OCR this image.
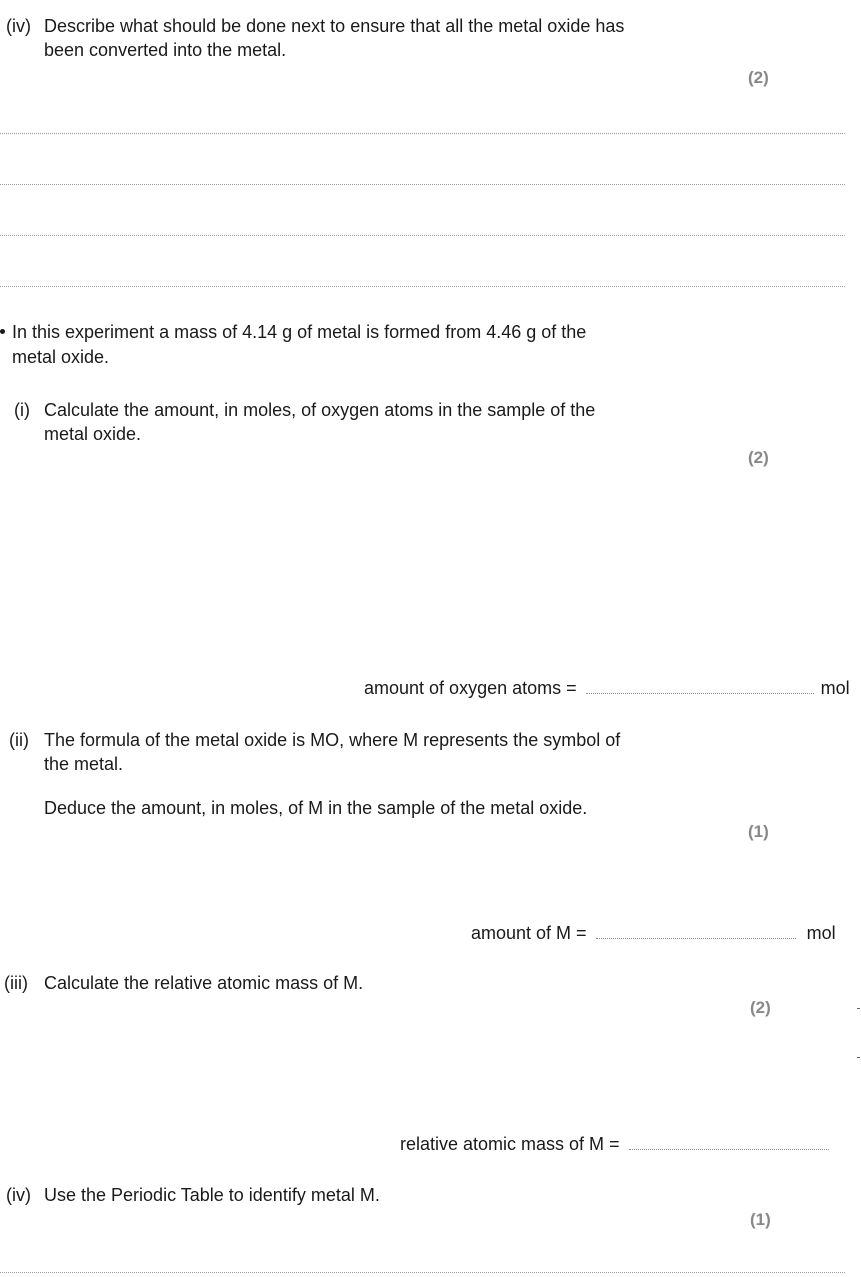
(iv) Describe what should be done next to ensure that all the metal oxide has
been converted into the metal.
(2)
In this experiment a mass of 4.14 g of metal is formed from 4.46 g of the
metal oxide.
(i) Calculate the amount, in moles, of oxygen atoms in the sample of the
metal oxide.
(2)
amount of oxygen atoms =	mol
(ii) The formula of the metal oxide is MO, where M represents the symbol of
the metal.
Deduce the amount, in moles, of M in the sample of the metal oxide.
(1)
amount of M =	mol
(iii) Calculate the relative atomic mass of M.
(2)
relative atomic mass of M =
(iv) Use the Periodic Table to identify metal M.
(1)
